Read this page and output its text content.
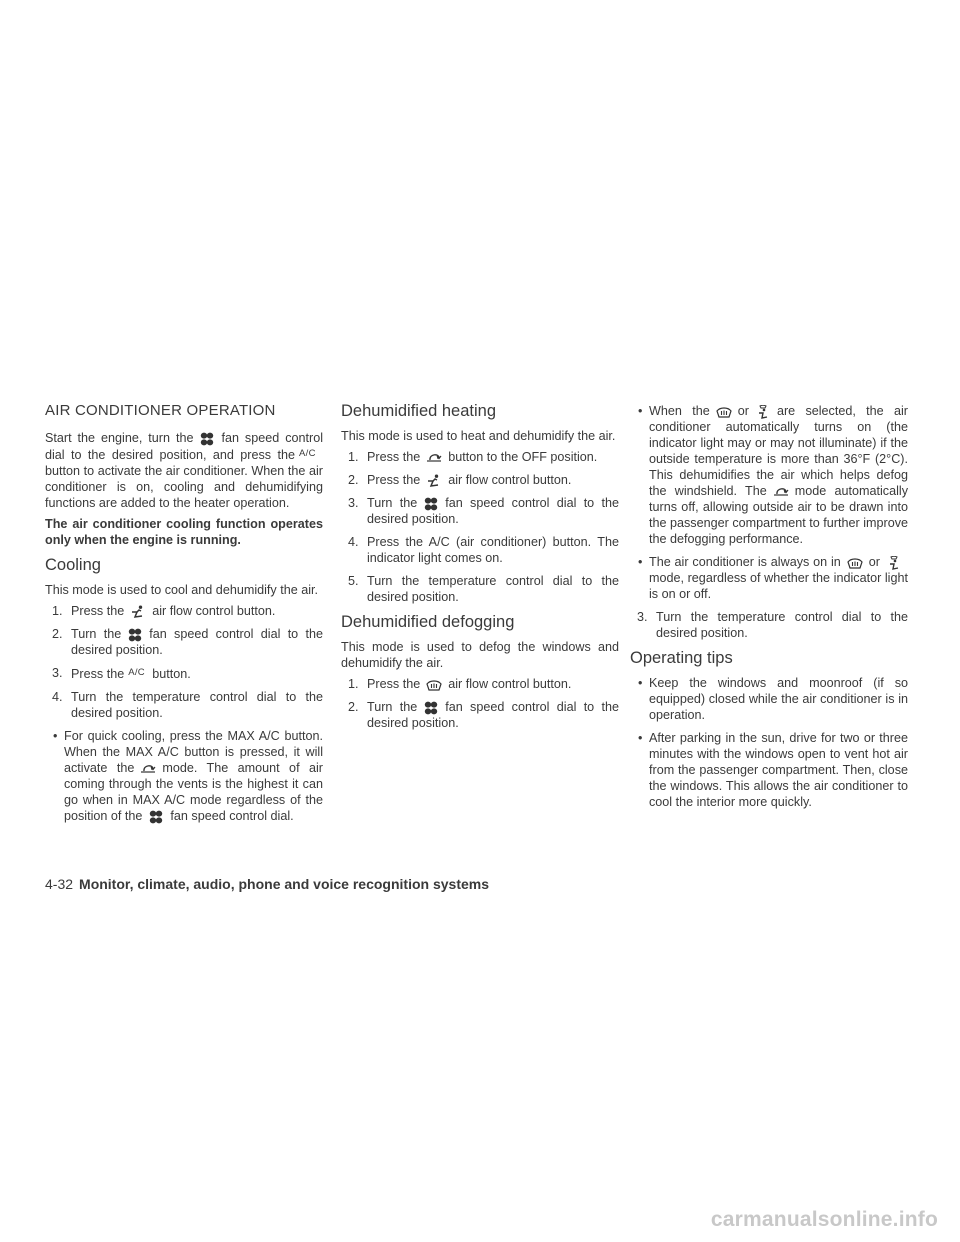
AIR CONDITIONER OPERATION

Start the engine, turn the fan speed control dial to the desired position, and press the A/Cbutton to activate the air conditioner. When the air conditioner is on, cooling and dehumidifying functions are added to the heater operation.

The air conditioner cooling function operates only when the engine is running.

Cooling

This mode is used to cool and dehumidify the air.

1. Press the air flow control button.
2. Turn the fan speed control dial to the desired position.
3. Press the A/C button.
4. Turn the temperature control dial to the desired position.
• For quick cooling, press the MAX A/C button. When the MAX A/C button is pressed, it will activate the mode. The amount of air coming through the vents is the highest it can go when in MAX A/C mode regardless of the position of the fan speed control dial.
Dehumidified heating

This mode is used to heat and dehumidify the air.

1. Press the button to the OFF position.
2. Press the air flow control button.
3. Turn the fan speed control dial to the desired position.
4. Press the A/C (air conditioner) button. The indicator light comes on.
5. Turn the temperature control dial to the desired position.
Dehumidified defogging

This mode is used to defog the windows and dehumidify the air.

1. Press the air flow control button.
2. Turn the fan speed control dial to the desired position.
• When the or are selected, the air conditioner automatically turns on (the indicator light may or may not illuminate) if the outside temperature is more than 36°F (2°C). This dehumidifies the air which helps defog the windshield. The mode automatically turns off, allowing outside air to be drawn into the passenger compartment to further improve the defogging performance.
• The air conditioner is always on in ormode, regardless of whether the indicator light is on or off.
3. Turn the temperature control dial to the desired position.
Operating tips
• Keep the windows and moonroof (if so equipped) closed while the air conditioner is in operation.
• After parking in the sun, drive for two or three minutes with the windows open to vent hot air from the passenger compartment. Then, close the windows. This allows the air conditioner to cool the interior more quickly.
4-32 Monitor, climate, audio, phone and voice recognition systems
carmanualsonline.info
